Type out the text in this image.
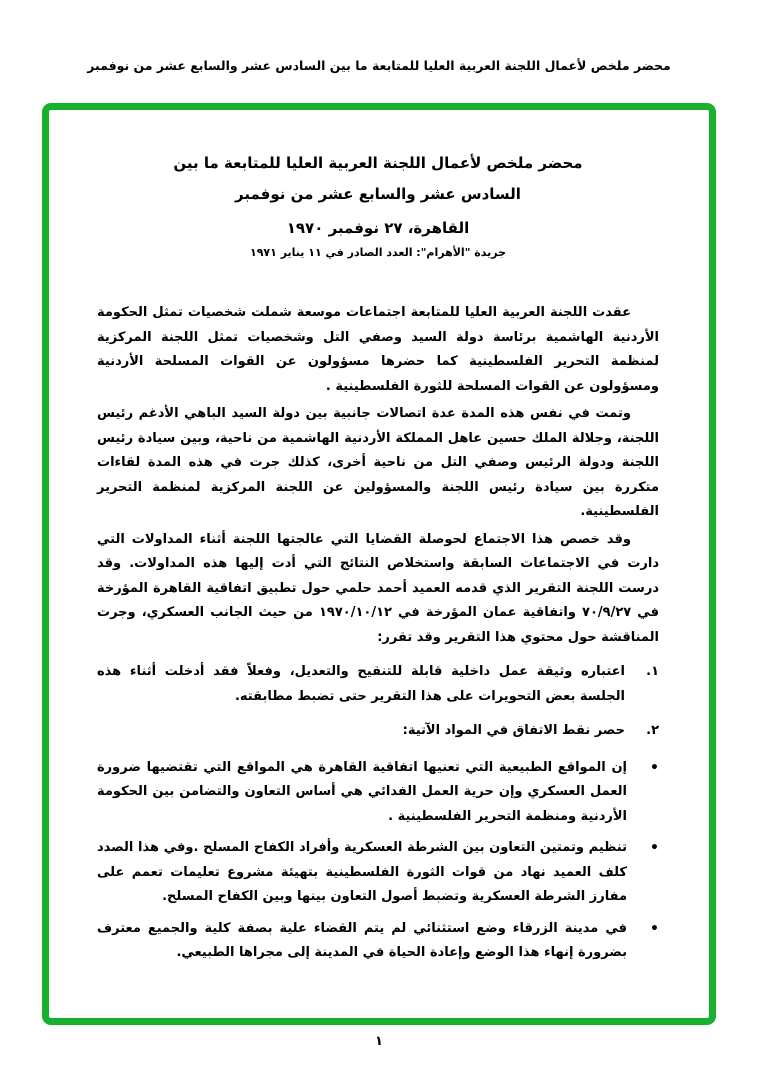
محضر ملخص لأعمال اللجنة العربية العليا للمتابعة ما بين السادس عشر والسابع عشر من نوفمبر
محضر ملخص لأعمال اللجنة العربية العليا للمتابعة ما بين
السادس عشر والسابع عشر من نوفمبر
القاهرة، ٢٧ نوفمبر ١٩٧٠
جريدة "الأهرام": العدد الصادر في ١١ يناير ١٩٧١

عقدت اللجنة العربية العليا للمتابعة اجتماعات موسعة شملت شخصيات تمثل الحكومة الأردنية الهاشمية برئاسة دولة السيد وصفي التل وشخصيات تمثل اللجنة المركزية لمنظمة التحرير الفلسطينية كما حضرها مسؤولون عن القوات المسلحة الأردنية ومسؤولون عن القوات المسلحة للثورة الفلسطينية .

وتمت في نفس هذه المدة عدة اتصالات جانبية بين دولة السيد الباهي الأدغم رئيس اللجنة، وجلالة الملك حسين عاهل المملكة الأردنية الهاشمية من ناحية، وبين سيادة رئيس اللجنة ودولة الرئيس وصفي التل من ناحية أخرى، كذلك جرت في هذه المدة لقاءات متكررة بين سيادة رئيس اللجنة والمسؤولين عن اللجنة المركزية لمنظمة التحرير الفلسطينية.

وقد خصص هذا الاجتماع لحوصلة القضايا التي عالجتها اللجنة أثناء المداولات التي دارت في الاجتماعات السابقة واستخلاص النتائج التي أدت إليها هذه المداولات. وقد درست اللجنة التقرير الذي قدمه العميد أحمد حلمي حول تطبيق اتفاقية القاهرة المؤرخة في ٧٠/٩/٢٧ واتفاقية عمان المؤرخة في ١٩٧٠/١٠/١٢ من حيث الجانب العسكري، وجرت المناقشة حول محتوي هذا التقرير وقد تقرر:

١.
اعتباره وثيقة عمل داخلية قابلة للتنقيح والتعديل، وفعلاً فقد أدخلت أثناء هذه الجلسة بعض التحويرات على هذا التقرير حتى تضبط مطابقته.
٢.
حصر نقط الاتفاق في المواد الآتية:
•
إن المواقع الطبيعية التي تعنيها اتفاقية القاهرة هي المواقع التي تقتضيها ضرورة العمل العسكري وإن حرية العمل الفدائي هي أساس التعاون والتضامن بين الحكومة الأردنية ومنظمة التحرير الفلسطينية .
•
تنظيم وتمتين التعاون بين الشرطة العسكرية وأفراد الكفاح المسلح .وفي هذا الصدد كلف العميد نهاد من قوات الثورة الفلسطينية بتهيئة مشروع تعليمات تعمم على مفارز الشرطة العسكرية وتضبط أصول التعاون بينها وبين الكفاح المسلح.
•
في مدينة الزرقاء وضع استثنائي لم يتم القضاء علية بصفة كلية والجميع معترف بضرورة إنهاء هذا الوضع وإعادة الحياة في المدينة إلى مجراها الطبيعي.
١
